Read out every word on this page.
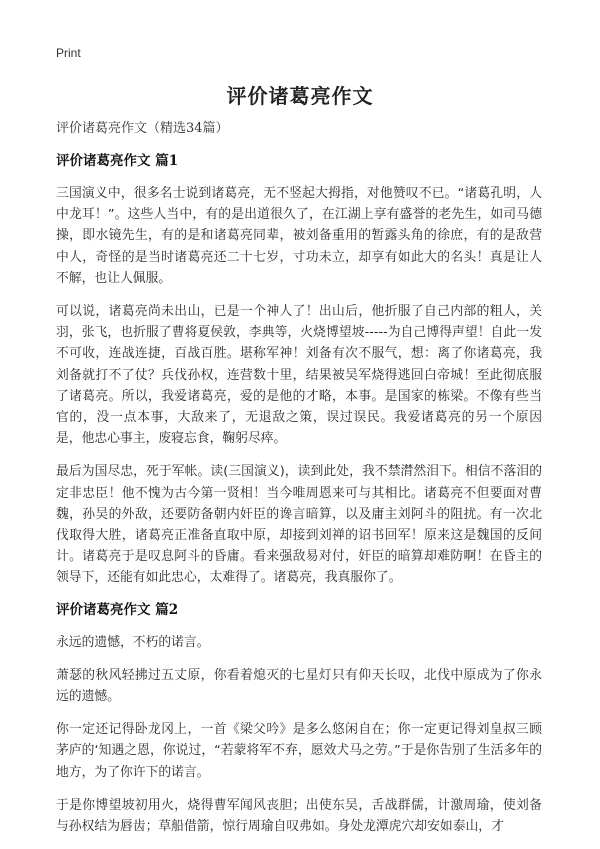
Print

评价诸葛亮作文

评价诸葛亮作文（精选34篇）

评价诸葛亮作文 篇1

三国演义中，很多名士说到诸葛亮，无不竖起大拇指，对他赞叹不已。“诸葛孔明，人中龙耳！”。这些人当中，有的是出道很久了，在江湖上享有盛誉的老先生，如司马德操，即水镜先生，有的是和诸葛亮同辈，被刘备重用的暂露头角的徐庶，有的是敌营中人，奇怪的是当时诸葛亮还二十七岁，寸功未立，却享有如此大的名头！真是让人不解，也让人佩服。

可以说，诸葛亮尚未出山，已是一个神人了！出山后，他折服了自己内部的粗人，关羽，张飞，也折服了曹将夏侯敦，李典等，火烧博望坡-----为自己博得声望！自此一发不可收，连战连捷，百战百胜。堪称军神！刘备有次不服气，想：离了你诸葛亮，我刘备就打不了仗？兵伐孙权，连营数十里，结果被吴军烧得逃回白帝城！至此彻底服了诸葛亮。所以，我爱诸葛亮，爱的是他的才略，本事。是国家的栋梁。不像有些当官的，没一点本事，大敌来了，无退敌之策，误过误民。我爱诸葛亮的另一个原因是，他忠心事主，废寝忘食，鞠躬尽瘁。

最后为国尽忠，死于军帐。读(三国演义)，读到此处，我不禁潸然泪下。相信不落泪的定非忠臣！他不愧为古今第一贤相！当今唯周恩来可与其相比。诸葛亮不但要面对曹魏，孙吴的外敌，还要防备朝内奸臣的谗言暗算，以及庸主刘阿斗的阻扰。有一次北伐取得大胜，诸葛亮正准备直取中原，却接到刘禅的诏书回军！原来这是魏国的反间计。诸葛亮于是叹息阿斗的昏庸。看来强敌易对付，奸臣的暗算却难防啊！在昏主的领导下，还能有如此忠心，太难得了。诸葛亮，我真服你了。

评价诸葛亮作文 篇2

永远的遗憾，不朽的诺言。

萧瑟的秋风轻拂过五丈原，你看着熄灭的七星灯只有仰天长叹，北伐中原成为了你永远的遗憾。

你一定还记得卧龙冈上，一首《梁父吟》是多么悠闲自在；你一定更记得刘皇叔三顾茅庐的‘知遇之恩，你说过，“若蒙将军不弃，愿效犬马之劳。”于是你告别了生活多年的地方，为了你许下的诺言。

于是你博望坡初用火，烧得曹军闻风丧胆；出使东吴，舌战群儒，计激周瑜，使刘备与孙权结为唇齿；草船借箭，惊行周瑜自叹弗如。身处龙潭虎穴却安如泰山，才
